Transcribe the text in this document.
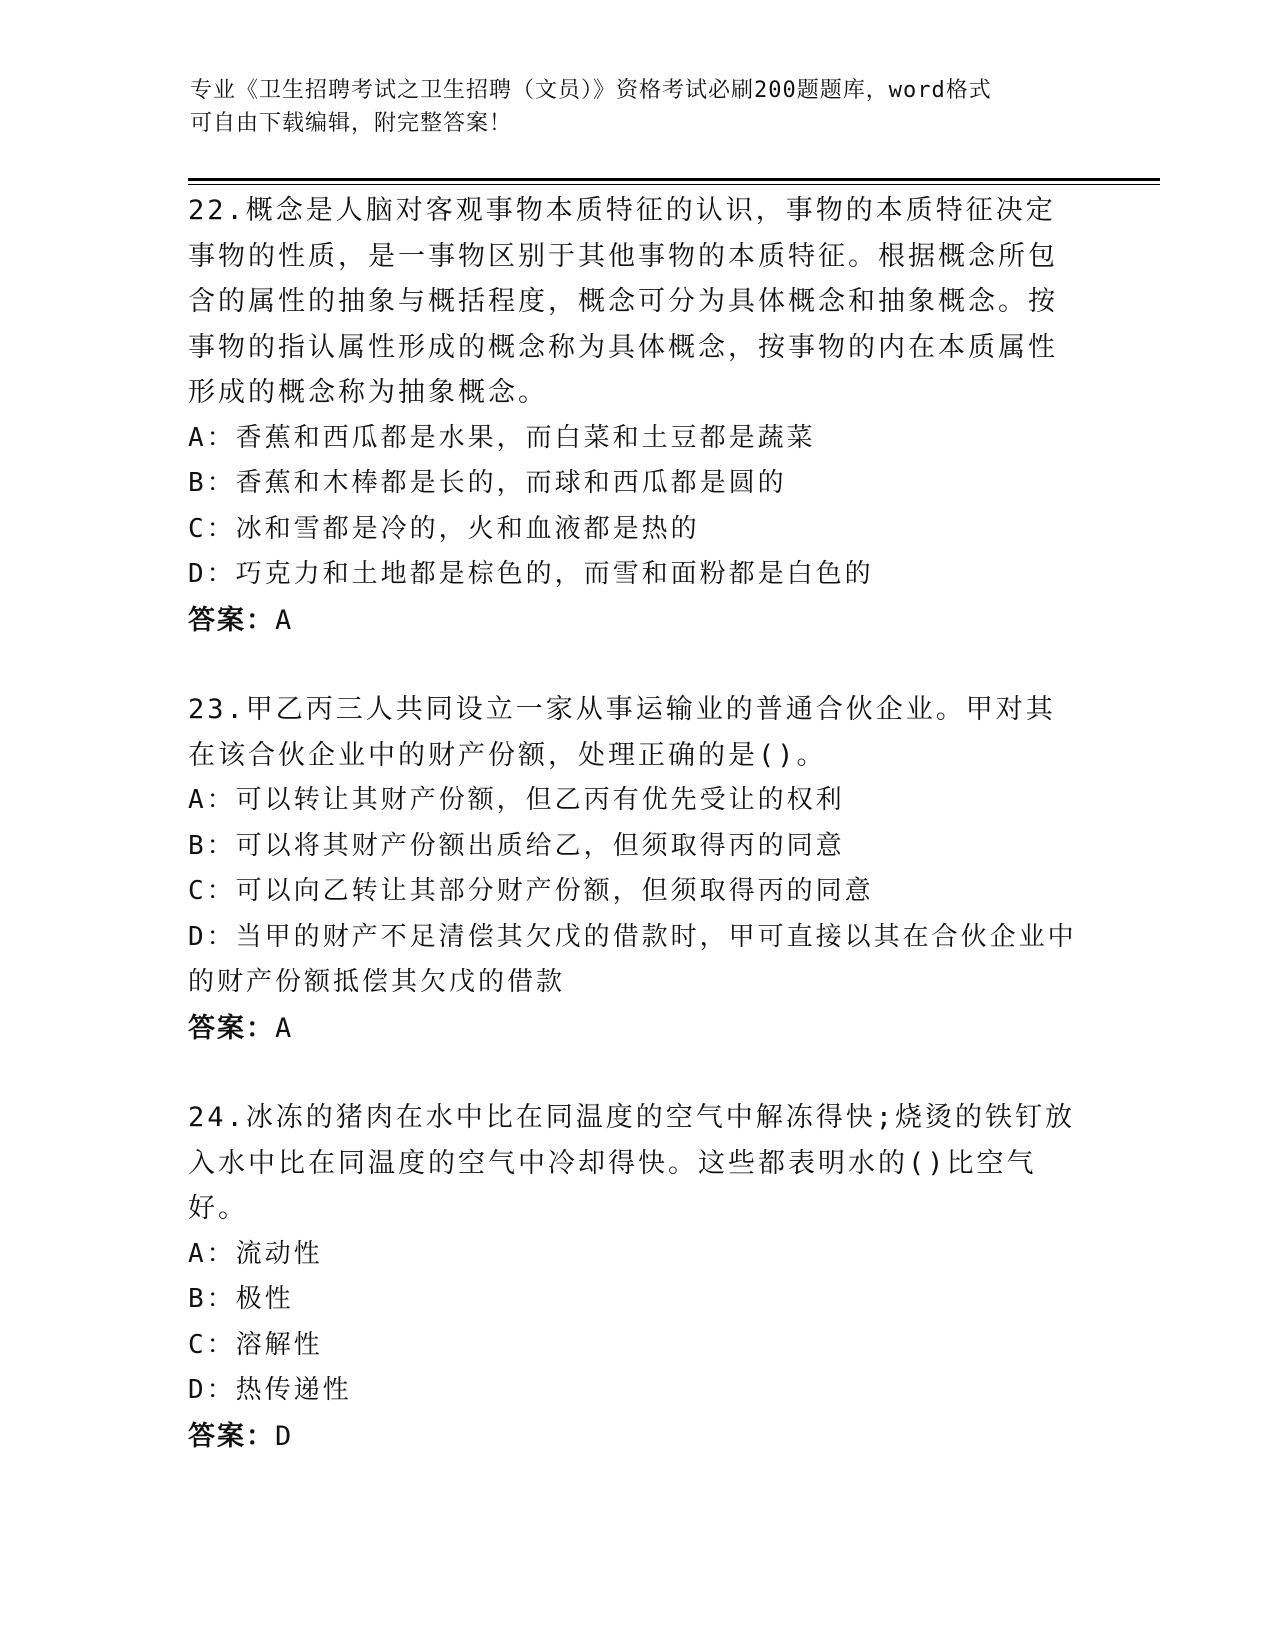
专业《卫生招聘考试之卫生招聘（文员）》资格考试必刷200题题库，word格式
可自由下载编辑，附完整答案！

22.概念是人脑对客观事物本质特征的认识，事物的本质特征决定事物的性质，是一事物区别于其他事物的本质特征。根据概念所包含的属性的抽象与概括程度，概念可分为具体概念和抽象概念。按事物的指认属性形成的概念称为具体概念，按事物的内在本质属性形成的概念称为抽象概念。

A：香蕉和西瓜都是水果，而白菜和土豆都是蔬菜
B：香蕉和木棒都是长的，而球和西瓜都是圆的
C：冰和雪都是冷的，火和血液都是热的
D：巧克力和土地都是棕色的，而雪和面粉都是白色的

答案：A

23.甲乙丙三人共同设立一家从事运输业的普通合伙企业。甲对其在该合伙企业中的财产份额，处理正确的是()。

A：可以转让其财产份额，但乙丙有优先受让的权利
B：可以将其财产份额出质给乙，但须取得丙的同意
C：可以向乙转让其部分财产份额，但须取得丙的同意
D：当甲的财产不足清偿其欠戊的借款时，甲可直接以其在合伙企业中的财产份额抵偿其欠戊的借款

答案：A

24.冰冻的猪肉在水中比在同温度的空气中解冻得快;烧烫的铁钉放入水中比在同温度的空气中冷却得快。这些都表明水的()比空气好。

A：流动性
B：极性
C：溶解性
D：热传递性

答案：D
